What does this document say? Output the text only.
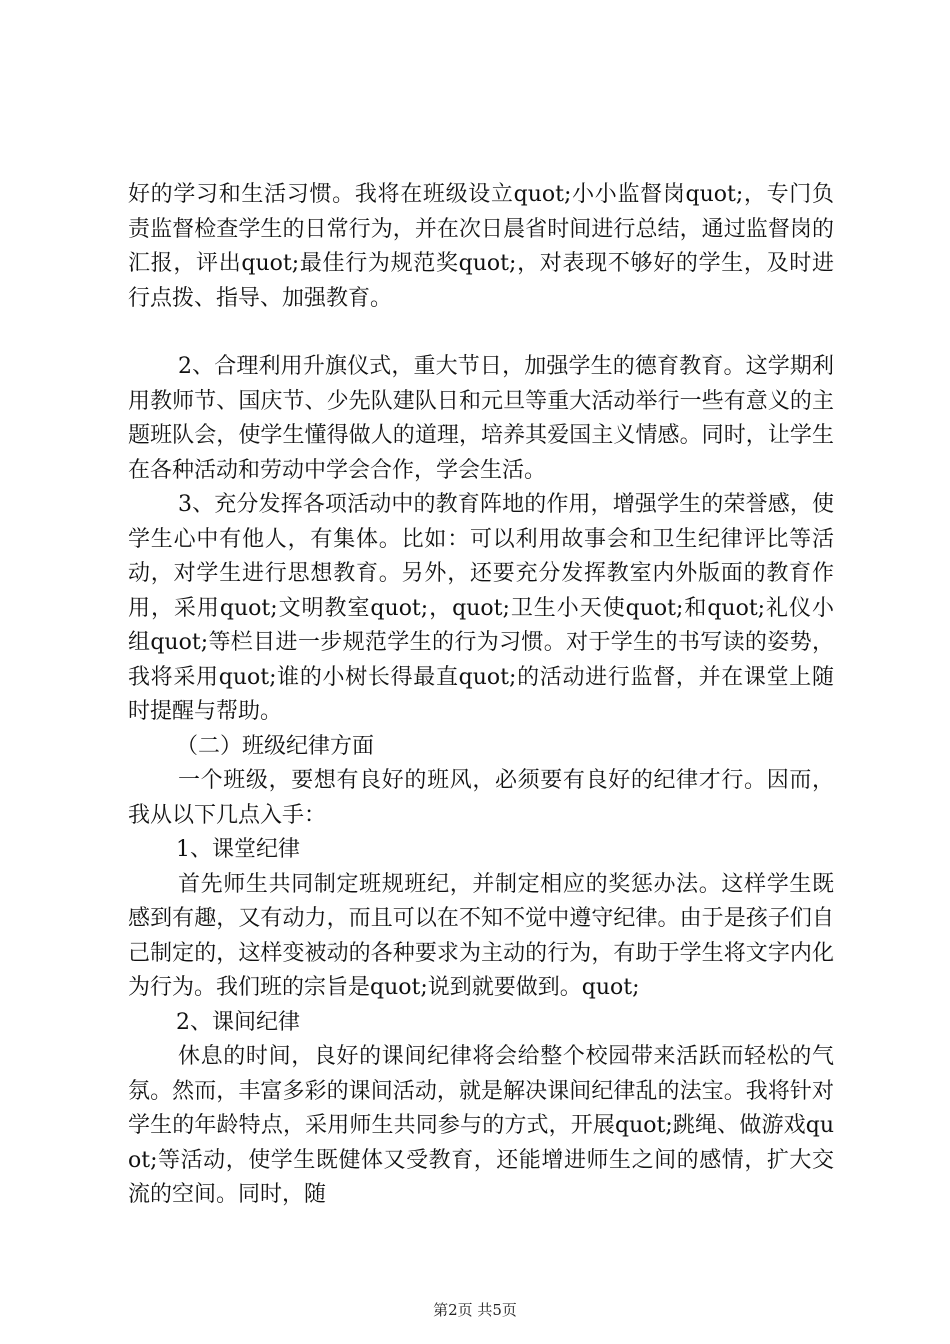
好的学习和生活习惯。我将在班级设立quot;小小监督岗quot;，专门负责监督检查学生的日常行为，并在次日晨省时间进行总结，通过监督岗的汇报，评出quot;最佳行为规范奖quot;，对表现不够好的学生，及时进行点拨、指导、加强教育。

2、合理利用升旗仪式，重大节日，加强学生的德育教育。这学期利用教师节、国庆节、少先队建队日和元旦等重大活动举行一些有意义的主题班队会，使学生懂得做人的道理，培养其爱国主义情感。同时，让学生在各种活动和劳动中学会合作，学会生活。

3、充分发挥各项活动中的教育阵地的作用，增强学生的荣誉感，使学生心中有他人，有集体。比如：可以利用故事会和卫生纪律评比等活动，对学生进行思想教育。另外，还要充分发挥教室内外版面的教育作用，采用quot;文明教室quot;，quot;卫生小天使quot;和quot;礼仪小组quot;等栏目进一步规范学生的行为习惯。对于学生的书写读的姿势，我将采用quot;谁的小树长得最直quot;的活动进行监督，并在课堂上随时提醒与帮助。

（二）班级纪律方面

一个班级，要想有良好的班风，必须要有良好的纪律才行。因而，我从以下几点入手：

1、课堂纪律

首先师生共同制定班规班纪，并制定相应的奖惩办法。这样学生既感到有趣，又有动力，而且可以在不知不觉中遵守纪律。由于是孩子们自己制定的，这样变被动的各种要求为主动的行为，有助于学生将文字内化为行为。我们班的宗旨是quot;说到就要做到。quot;

2、课间纪律

休息的时间，良好的课间纪律将会给整个校园带来活跃而轻松的气氛。然而，丰富多彩的课间活动，就是解决课间纪律乱的法宝。我将针对学生的年龄特点，采用师生共同参与的方式，开展quot;跳绳、做游戏quot;等活动，使学生既健体又受教育，还能增进师生之间的感情，扩大交流的空间。同时，随

第2页 共5页
